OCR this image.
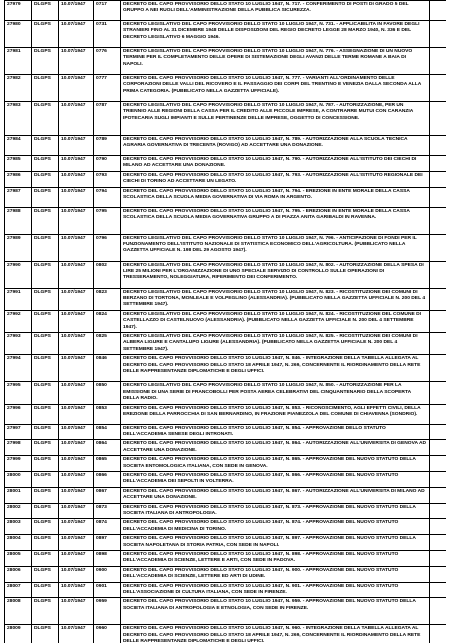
27979	DLGPS	10.07/1947	0717	DECRETO DEL CAPO PROVVISORIO DELLO STATO 10 LUGLIO 1947, N. 717. - CONFERIMENTO DI POSTI DI GRADO 5 DEL GRUPPO A NEI RUOLI DELL'AMMINISTRAZIONE DELLA PUBBLICA SICUREZZA.	
27980	DLGPS	10.07/1947	0731	DECRETO LEGISLATIVO DEL CAPO PROVVISORIO DELLO STATO 10 LUGLIO 1947, N. 731. - APPLICABILITA IN FAVORE DEGLI STRANIERI FINO AL 31 DICEMBRE 1948 DELLE DISPOSIZIONI DEL REGIO DECRETO LEGGE 28 MARZO 1940, N. 336 E DEL DECRETO LEGISLATIVO 6 MAGGIO 1946.	
27981	DLGPS	10.07/1947	0776	DECRETO LEGISLATIVO DEL CAPO PROVVISORIO DELLO STATO 10 LUGLIO 1947, N. 776. - ASSEGNAZIONE DI UN NUOVO TERMINE PER IL COMPLETAMENTO DELLE OPERE DI SISTEMAZIONE DEGLI AVANZI DELLE TERME ROMANE A BAIA DI NAPOLI.	
27982	DLGPS	10.07/1947	0777	DECRETO DEL CAPO PROVVISORIO DELLO STATO 10 LUGLIO 1947, N. 777. - VARIANTI ALL'ORDINAMENTO DELLE CORPORAZIONI DELLE VALLI DEL RICOVERO E IL PASSAGGIO DEI CORPI DEL TRENTINO E VENEZIA DALLA SECONDA ALLA PRIMA CATEGORIA. (PUBBLICATO NELLA GAZZETTA UFFICIALE).	
27983	DLGPS	10.07/1947	0787	DECRETO LEGISLATIVO DEL CAPO PROVVISORIO DELLO STATO 10 LUGLIO 1947, N. 787. - AUTORIZZAZIONE, PER UN TRIENNIO ALLE REGIONI DELLA CASSA PER IL CREDITO ALLE PICCOLE IMPRESE, A CONTRARRE MUTUI CON CARANZIA IPOTECARIA SUGLI IMPIANTI E SULLE PERTINENZE DELLE IMPRESE, OGGETTO DI CONCESSIONE.	
27984	DLGPS	10.07/1947	0789	DECRETO DEL CAPO PROVVISORIO DELLO STATO 10 LUGLIO 1947, N. 789. - AUTORIZZAZIONE ALLA SCUOLA TECNICA AGRARIA GOVERNATIVA DI TRECENTA (ROVIGO) AD ACCETTARE UNA DONAZIONE.	
27985	DLGPS	10.07/1947	0790	DECRETO DEL CAPO PROVVISORIO DELLO STATO 10 LUGLIO 1947, N. 790. - AUTORIZZAZIONE ALL'ISTITUTO DEI CIECHI DI MILANO AD ACCETTARE UNA DONAZIONE.	
27986	DLGPS	10.07/1947	0793	DECRETO DEL CAPO PROVVISORIO DELLO STATO 10 LUGLIO 1947, N. 793. - AUTORIZZAZIONE ALL'ISTITUTO REGIONALE DEI CIECHI DI TORINO AD ACCETTARE UN LEGATO.	
27987	DLGPS	10.07/1947	0794	DECRETO DEL CAPO PROVVISORIO DELLO STATO 10 LUGLIO 1947, N. 794. - EREZIONE IN ENTE MORALE DELLA CASSA SCOLASTICA DELLA SCUOLA MEDIA GOVERNATIVA DI VIA ROMA IN ARGENTO.	
27988	DLGPS	10.07/1947	0795	DECRETO DEL CAPO PROVVISORIO DELLO STATO 10 LUGLIO 1947, N. 795. - EREZIONE IN ENTE MORALE DELLA CASSA SCOLASTICA DELLA SCUOLA MEDIA GOVERNATIVA GRUPPO A DI PIAZZA ANITA GARIBALDI IN RAVENNA.	
27989	DLGPS	10.07/1947	0796	DECRETO LEGISLATIVO DEL CAPO PROVVISORIO DELLO STATO 10 LUGLIO 1947, N. 796. - ANTICIPAZIONE DI FONDI PER IL FUNZIONAMENTO DELL'ISTITUTO NAZIONALE DI STATISTICA ECONOMICO DELL'AGRICOLTURA. (PUBBLICATO NELLA GAZZETTA UFFICIALE N. 198 DEL 29 AGOSTO 1947).	
27990	DLGPS	10.07/1947	0802	DECRETO LEGISLATIVO DEL CAPO PROVVISORIO DELLO STATO 10 LUGLIO 1947, N. 802. - AUTORIZZAZIONE DELLA SPESA DI LIRE 25 MILIONI PER L'ORGANIZZAZIONE DI UNO SPECIALE SERVIZIO DI CONTROLLO SULLE OPERAZIONI DI TRESSERAMENTO, NOLEGGIATURA, RIFERIMENTO DEI CONFERIMENTO.	
27991	DLGPS	10.07/1947	0823	DECRETO LEGISLATIVO DEL CAPO PROVVISORIO DELLO STATO 10 LUGLIO 1947, N. 823. - RICOSTITUZIONE DEI COMUNI DI BERZANO DI TORTONA, MONLEALE E VOLPEGLINO (ALESSANDRIA). (PUBBLICATO NELLA GAZZETTA UFFICIALE N. 200 DEL 4 SETTEMBRE 1947).	
27992	DLGPS	10.07/1947	0824	DECRETO LEGISLATIVO DEL CAPO PROVVISORIO DELLO STATO 10 LUGLIO 1947, N. 824. - RICOSTITUZIONE DEL COMUNE DI CASTELLAZZO DI CASTELNUOVO (ALESSANDRIA). (PUBBLICATO NELLA GAZZETTA UFFICIALE N. 200 DEL 4 SETTEMBRE 1947).	
27993	DLGPS	10.07/1947	0825	DECRETO LEGISLATIVO DEL CAPO PROVVISORIO DELLO STATO 10 LUGLIO 1947, N. 825. - RICOSTITUZIONE DEI COMUNI DI ALBERA LIGURE E CANTALUPO LIGURE (ALESSANDRIA). (PUBBLICATO NELLA GAZZETTA UFFICIALE N. 200 DEL 4 SETTEMBRE 1947).	
27994	DLGPS	10.07/1947	0846	DECRETO DEL CAPO PROVVISORIO DELLO STATO 10 LUGLIO 1947, N. 846. - INTEGRAZIONE DELLA TABELLA ALLEGATA AL DECRETO DEL CAPO PROVVISORIO DELLO STATO 18 APRILE 1947, N. 269, CONCERNENTE IL RIORDINAMENTO DELLA RETE DELLE RAPPRESENTANZE DIPLOMATICHE E DEGLI UFFICI.	
27995	DLGPS	10.07/1947	0850	DECRETO LEGISLATIVO DEL CAPO PROVVISORIO DELLO STATO 10 LUGLIO 1947, N. 850. - AUTORIZZAZIONE PER LA EMISSIONE DI UNA SERIE DI FRANCOBOLLI PER POSTA AEREA CELEBRATIVI DEL CINQUANTENARIO DELLA SCOPERTA DELLA RADIO.	
27996	DLGPS	10.07/1947	0853	DECRETO DEL CAPO PROVVISORIO DELLO STATO 10 LUGLIO 1947, N. 853. - RICONOSCIMENTO, AGLI EFFETTI CIVILI, DELLA EREZIONE DELLA PARROCCHIA DI SAN BERNARDINO, IN FRAZIONE PIANEZZOLA DEL COMUNE DI CHIAVENNA (SONDRIO).	
27997	DLGPS	10.07/1947	0854	DECRETO DEL CAPO PROVVISORIO DELLO STATO 10 LUGLIO 1947, N. 854. - APPROVAZIONE DELLO STATUTO DELL'ACCADEMIA SENESE DEGLI INTRONATI.	
27998	DLGPS	10.07/1947	0864	DECRETO DEL CAPO PROVVISORIO DELLO STATO 10 LUGLIO 1947, N. 864. - AUTORIZZAZIONE ALL'UNIVERSITA DI GENOVA AD ACCETTARE UNA DONAZIONE.	
27999	DLGPS	10.07/1947	0865	DECRETO DEL CAPO PROVVISORIO DELLO STATO 10 LUGLIO 1947, N. 865. - APPROVAZIONE DEL NUOVO STATUTO DELLA SOCIETA ENTOMOLOGICA ITALIANA, CON SEDE IN GENOVA.	
28000	DLGPS	10.07/1947	0866	DECRETO DEL CAPO PROVVISORIO DELLO STATO 10 LUGLIO 1947, N. 866. - APPROVAZIONE DEL NUOVO STATUTO DELL'ACCADEMIA DEI SEPOLTI IN VOLTERRA.	
28001	DLGPS	10.07/1947	0867	DECRETO DEL CAPO PROVVISORIO DELLO STATO 10 LUGLIO 1947, N. 867. - AUTORIZZAZIONE ALL'UNIVERSITA DI MILANO AD ACCETTARE UNA DONAZIONE.	
28002	DLGPS	10.07/1947	0873	DECRETO DEL CAPO PROVVISORIO DELLO STATO 10 LUGLIO 1947, N. 873. - APPROVAZIONE DEL NUOVO STATUTO DELLA SOCIETA ITALIANA DI ANTROPOLOGIA.	
28003	DLGPS	10.07/1947	0874	DECRETO DEL CAPO PROVVISORIO DELLO STATO 10 LUGLIO 1947, N. 874. - APPROVAZIONE DEL NUOVO STATUTO DELL'ACCADEMIA DI MEDICINA DI TORINO.	
28004	DLGPS	10.07/1947	0897	DECRETO DEL CAPO PROVVISORIO DELLO STATO 10 LUGLIO 1947, N. 897. - APPROVAZIONE DEL NUOVO STATUTO DELLA SOCIETA NAPOLETANA DI STORIA PATRIA, CON SEDE IN NAPOLI.	
28005	DLGPS	10.07/1947	0898	DECRETO DEL CAPO PROVVISORIO DELLO STATO 10 LUGLIO 1947, N. 898. - APPROVAZIONE DEL NUOVO STATUTO DELL'ACCADEMIA DI SCIENZE, LETTERE E ARTI, CON SEDE IN PADOVA.	
28006	DLGPS	10.07/1947	0900	DECRETO DEL CAPO PROVVISORIO DELLO STATO 10 LUGLIO 1947, N. 900. - APPROVAZIONE DEL NUOVO STATUTO DELL'ACCADEMIA DI SCIENZE, LETTERE ED ARTI DI UDINE.	
28007	DLGPS	10.07/1947	0901	DECRETO DEL CAPO PROVVISORIO DELLO STATO 10 LUGLIO 1947, N. 901. - APPROVAZIONE DEL NUOVO STATUTO DELL'ASSOCIAZIONE DI CULTURA ITALIANA, CON SEDE IN FIRENZE.	
28008	DLGPS	10.07/1947	0959	DECRETO DEL CAPO PROVVISORIO DELLO STATO 10 LUGLIO 1947, N. 959. - APPROVAZIONE DEL NUOVO STATUTO DELLA SOCIETA ITALIANA DI ANTROPOLOGIA E ETNOLOGIA, CON SEDE IN FIRENZE.	
28009	DLGPS	10.07/1947	0960	DECRETO DEL CAPO PROVVISORIO DELLO STATO 10 LUGLIO 1947, N. 960. - INTEGRAZIONE DELLA TABELLA ALLEGATA AL DECRETO DEL CAPO PROVVISORIO DELLO STATO 18 APRILE 1947, N. 269, CONCERNENTE IL RIORDINAMENTO DELLA RETE DELLE RAPPRESENTANZE DIPLOMATICHE E DEGLI UFFICI.	
